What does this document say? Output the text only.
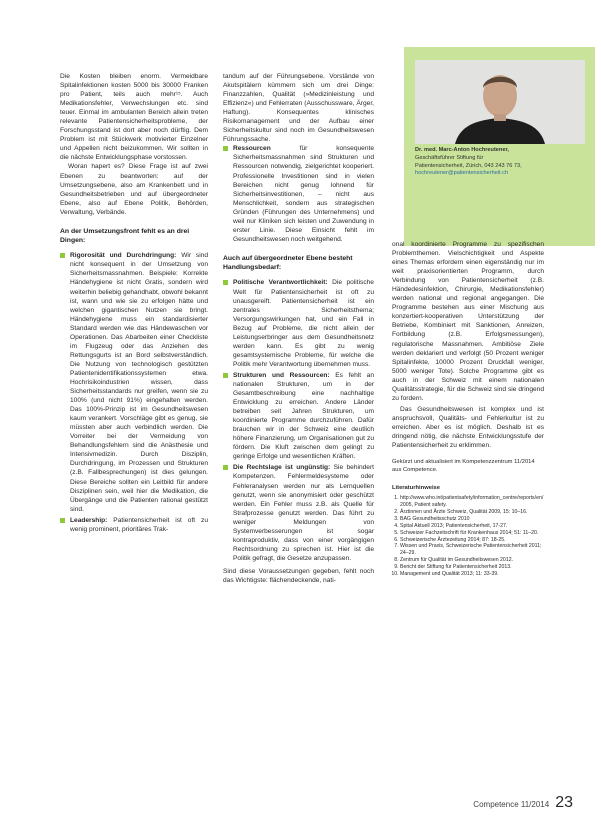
Die Kosten bleiben enorm. Vermeidbare Spitalinfektionen kosten 5000 bis 30000 Franken pro Patient, teils auch mehr¹⁵. Auch Medikationsfehler, Verwechslungen etc. sind teuer. Einmal im ambulanten Bereich allein treten relevante Patientensicherheitsprobleme, der Forschungsstand ist dort aber noch dürftig. Dem Problem ist mit Stückwerk motivierter Einzelner und Appellen nicht beizukommen. Wir sollten in die nächste Entwicklungsphase vorstossen.

Woran hapert es? Diese Frage ist auf zwei Ebenen zu beantworten: auf der Umsetzungsebene, also am Krankenbett und in Gesundheitsbetrieben und auf übergeordneter Ebene, also auf Ebene Politik, Behörden, Verwaltung, Verbände.

An der Umsetzungsfront fehlt es an drei Dingen:

Rigorosität und Durchdringung: Wir sind nicht konsequent in der Umsetzung von Sicherheitsmassnahmen. Beispiele: Korrekte Händehygiene ist nicht Gratis, sondern wird weiterhin beliebig gehandhabt, obwohl bekannt ist, wann und wie sie zu erfolgen hätte und welchen gigantischen Nutzen sie bringt. Händehygiene muss ein standardisierter Standard werden wie das Händewaschen vor Operationen. Das Abarbeiten einer Checkliste im Flugzeug oder das Anziehen des Rettungsgurts ist an Bord selbstverständlich. Die Nutzung von technologisch gestützten Patientenidentifikationssystemen etwa. Hochrisikoindustrien wissen, dass Sicherheitsstandards nur greifen, wenn sie zu 100% (und nicht 91%) eingehalten werden. Das 100%-Prinzip ist im Gesundheitswesen kaum verankert. Vorschläge gibt es genug, sie müssten aber auch verbindlich werden. Die Vorreiter bei der Vermeidung von Behandlungsfehlern sind die Anästhesie und Intensivmedizin. Durch Disziplin, Durchdringung, im Prozessen und Strukturen (z.B. Fallbesprechungen) ist dies gelungen. Diese Bereiche sollten ein Leitbild für andere Disziplinen sein, weil hier die Medikation, die Übergänge und die Patienten rational gestützt sind.
Leadership: Patientensicherheit ist oft zu wenig prominent, prioritäres Trak-

tandum auf der Führungsebene. Vorstände von Akutspitälern kümmern sich um drei Dinge: Finanzzahlen, Qualität (»Medizinleistung und Effizienz«) und Fehlerraten (Ausschussware, Ärger, Haftung). Konsequentes klinisches Risikomanagement und der Aufbau einer Sicherheitskultur sind noch im Gesundheitswesen Führungssache.

Ressourcen	für konsequente Sicherheitsmassnahmen sind Strukturen und Ressourcen notwendig, zielgerichtet kooperiert. Professionelle Investitionen sind in vielen Bereichen nicht genug lohnend für Sicherheitsinvestitionen, – nicht aus Menschlichkeit, sondern aus strategischen Gründen (Führungen des Unternehmens) und weil nur Kliniken sich leisten und Zuwendung in erster Linie. Diese Einsicht fehlt im Gesundheitswesen noch weitgehend.

Auch auf übergeordneter Ebene besteht Handlungsbedarf:

Politische Verantwortlichkeit: Die politische Welt für Patientensicherheit ist oft zu unausgereift. Patientensicherheit ist ein zentrales Sicherheitsthema; Versorgungswirkungen hat, und ein Fall in Bezug auf Probleme, die nicht allein der Leistungserbringer aus dem Gesundheitsnetz werden kann. Es gibt zu wenig gesamtsystemische Probleme, für welche die Politik mehr Verantwortung übernehmen muss.
Strukturen und Ressourcen: Es fehlt an nationalen Strukturen, um in der Gesamtbeschreibung eine nachhaltige Entwicklung zu erreichen. Andere Länder betreiben seit Jahren Strukturen, um koordinierte Programme durchzuführen. Dafür brauchen wir in der Schweiz eine deutlich höhere Finanzierung, um Organisationen gut zu fördern. Die Kluft zwischen dem gelingt zu geringe Erfolge und wesentlichen Kräften.
Die Rechtslage ist ungünstig: Sie behindert Kompetenzen. Fehlermeldesysteme oder Fehleranalysen werden nur als Lernquellen genutzt, wenn sie anonymisiert oder geschützt werden. Ein Fehler muss z.B. als Quelle für Strafprozesse genutzt werden. Das führt zu weniger Meldungen von Systemverbesserungen ist sogar kontraproduktiv, dass von einer vorgängigen Rechtsordnung zu sprechen ist. Hier ist die Politik gefragt, die Gesetze anzupassen.

Sind diese Voraussetzungen gegeben, fehlt noch das Wichtigste: flächendeckende, nati-

Dr. med. Marc-Anton Hochreutener,
Geschäftsführer Stiftung für
Patientensicherheit, Zürich, 043 243 76 73,
hochreutener@patientensicherheit.ch

onal koordinierte Programme zu spezifischen Problemthemen. Vielschichtigkeit und Aspekte eines Themas erfordern einen eigenständig nur im weit praxisorientierten Programm, durch Verbindung von Patientensicherheit (z.B. Händedesinfektion, Chirurgie, Medikationsfehler) werden national und regional angegangen. Die Programme bestehen aus einer Mischung aus konzertiert-kooperativen Unterstützung der Betriebe, Kombiniert mit Sanktionen, Anreizen, Fortbildung (z.B. Erfolgsmessungen), regulatorische Massnahmen. Ambitiöse Ziele werden deklariert und verfolgt (50 Prozent weniger Spitalinfekte, 10000 Prozent Druckfall weniger, 5000 weniger Tote). Solche Programme gibt es auch in der Schweiz mit einem nationalen Qualitätsstrategie, für die Schweiz sind sie dringend zu fordern.

Das Gesundheitswesen ist komplex und ist anspruchsvoll, Qualitäts- und Fehlerkultur ist zu erreichen. Aber es ist möglich. Deshalb ist es dringend nötig, die nächste Entwicklungsstufe der Patientensicherheit zu erklimmen.

Gekürzt und aktualisiert im Kompetenzzentrum 11/2014 aus Competence.

Literaturhinweise

1. http://www.who.int/patientsafety/information_centre/reports/en/ 2005, Patient safety.
2. Ärztinnen und Ärzte Schweiz, Qualität 2009, 15: 10–16.
3. BAG Gesundheitsschutz 2010
4. Spital Aktuell 2013; Patientensicherheit, 17-27.
5. Schweizer Fachzeitschrift für Krankenhaus 2014; 51: 11–20.
6. Schweizerische Ärztezeitung 2014; 87: 18-25.
7. Wissen und Praxis, Schweizerische Patientensicherheit 2011; 24–29.
8. Zentrum für Qualität im Gesundheitswesen 2012.
9. Bericht der Stiftung für Patientensicherheit 2013.
10. Management und Qualität 2013; 11: 33-39.
Competence 11/2014 23
